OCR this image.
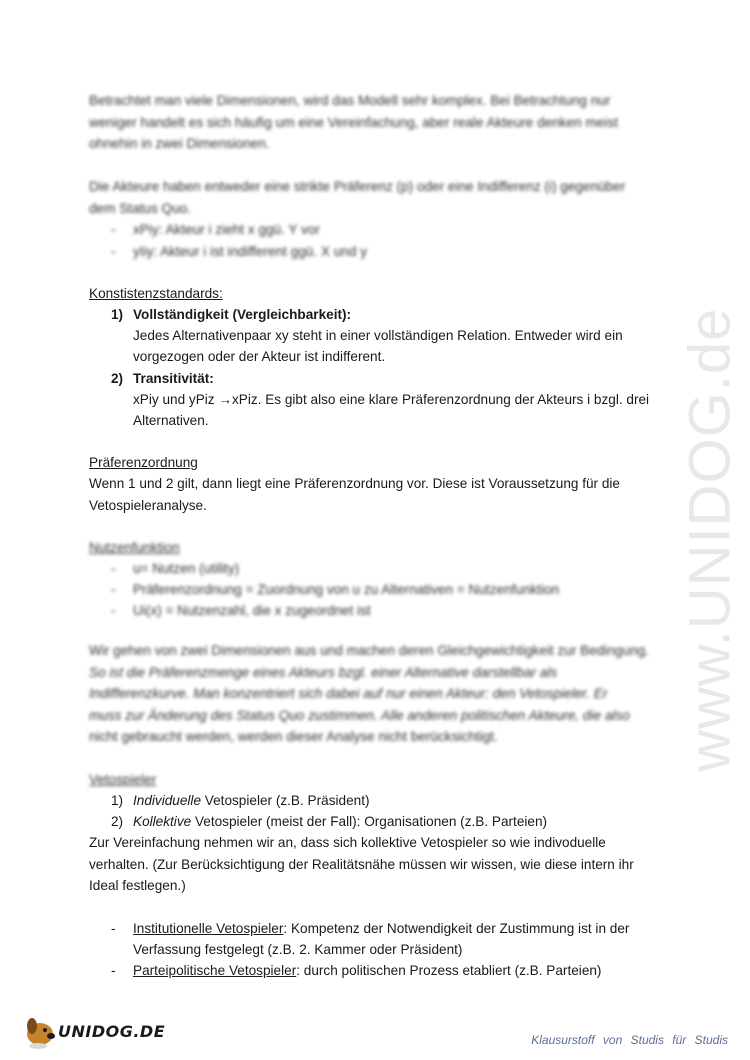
Betrachtet man viele Dimensionen, wird das Modell sehr komplex. Bei Betrachtung nur
weniger handelt es sich häufig um eine Vereinfachung, aber reale Akteure denken meist
ohnehin in zwei Dimensionen.
Die Akteure haben entweder eine strikte Präferenz (p) oder eine Indifferenz (i) gegenüber
dem Status Quo.
- xPiy: Akteur i zieht x ggü. Y vor
- yIiy: Akteur i ist indifferent ggü. X und y
Konstistenzstandards:
1) Vollständigkeit (Vergleichbarkeit):
Jedes Alternativenpaar xy steht in einer vollständigen Relation. Entweder wird ein
vorgezogen oder der Akteur ist indifferent.
2) Transitivität:
xPiy und yPiz →xPiz. Es gibt also eine klare Präferenzordnung der Akteurs i bzgl. drei
Alternativen.
Präferenzordnung
Wenn 1 und 2 gilt, dann liegt eine Präferenzordnung vor. Diese ist Voraussetzung für die
Vetospieleranalyse.
Nutzenfunktion
- u= Nutzen (utility)
- Präferenzordnung = Zuordnung von u zu Alternativen = Nutzenfunktion
- Ui(x) = Nutzenzahl, die x zugeordnet ist
Wir gehen von zwei Dimensionen aus und machen deren Gleichgewichtigkeit zur Bedingung.
So ist die Präferenzmenge eines Akteurs bzgl. einer Alternative darstellbar als
Indifferenzkurve. Man konzentriert sich dabei auf nur einen Akteur: den Vetospieler. Er
muss zur Änderung des Status Quo zustimmen. Alle anderen politischen Akteure, die also
nicht gebraucht werden, werden dieser Analyse nicht berücksichtigt.
Vetospieler
1) Individuelle Vetospieler (z.B. Präsident)
2) Kollektive Vetospieler (meist der Fall): Organisationen (z.B. Parteien)
Zur Vereinfachung nehmen wir an, dass sich kollektive Vetospieler so wie indivoduelle
verhalten. (Zur Berücksichtigung der Realitätsnähe müssen wir wissen, wie diese intern ihr
Ideal festlegen.)
- Institutionelle Vetospieler: Kompetenz der Notwendigkeit der Zustimmung ist in der
Verfassung festgelegt (z.B. 2. Kammer oder Präsident)
- Parteipolitische Vetospieler: durch politischen Prozess etabliert (z.B. Parteien)
www.UNIDOG.de
UNIDOG.DE	Klausurstoff von Studis für Studis
